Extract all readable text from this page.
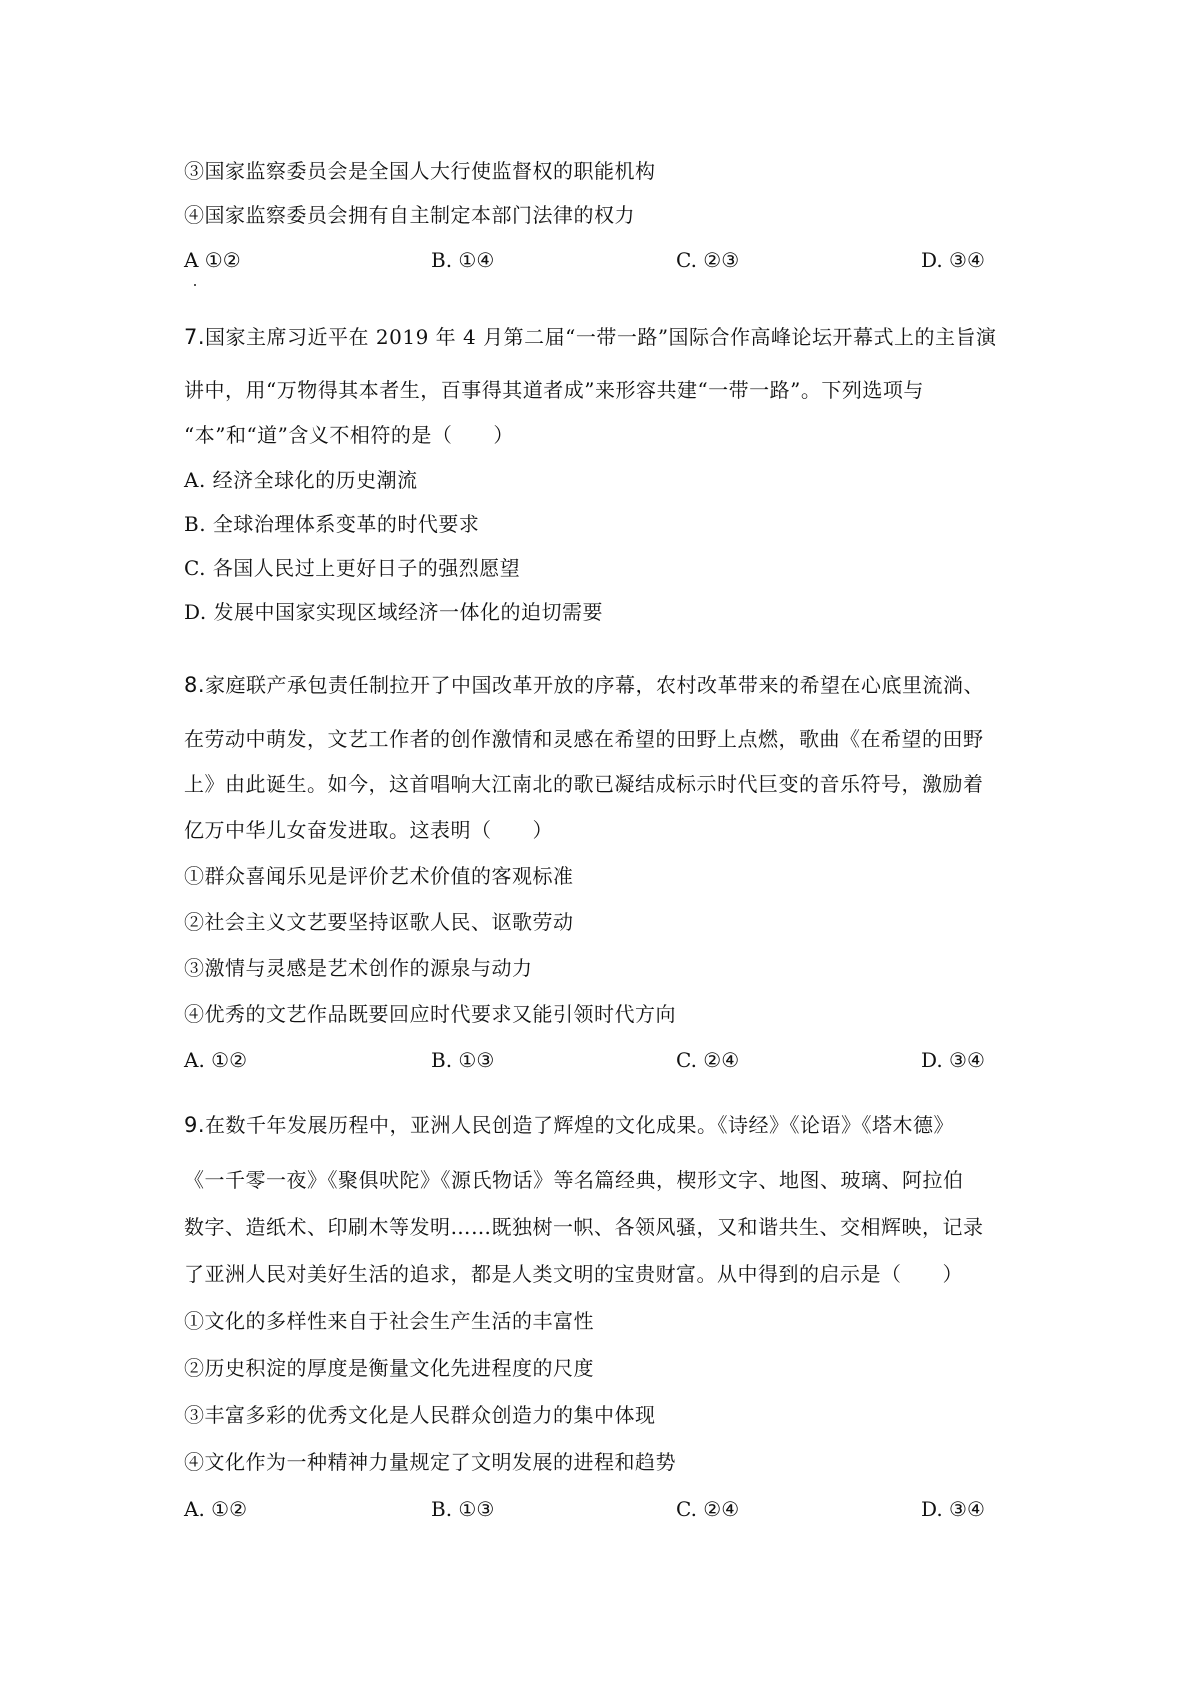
③国家监察委员会是全国人大行使监督权的职能机构
④国家监察委员会拥有自主制定本部门法律的权力
A ①②	B. ①④	C. ②③	D. ③④
7.国家主席习近平在 2019 年 4 月第二届“一带一路”国际合作高峰论坛开幕式上的主旨演
讲中，用“万物得其本者生，百事得其道者成”来形容共建“一带一路”。下列选项与
“本”和“道”含义不相符的是（　　）
A. 经济全球化的历史潮流
B. 全球治理体系变革的时代要求
C. 各国人民过上更好日子的强烈愿望
D. 发展中国家实现区域经济一体化的迫切需要
8.家庭联产承包责任制拉开了中国改革开放的序幕，农村改革带来的希望在心底里流淌、
在劳动中萌发，文艺工作者的创作激情和灵感在希望的田野上点燃，歌曲《在希望的田野
上》由此诞生。如今，这首唱响大江南北的歌已凝结成标示时代巨变的音乐符号，激励着
亿万中华儿女奋发进取。这表明（　　）
①群众喜闻乐见是评价艺术价值的客观标准
②社会主义文艺要坚持讴歌人民、讴歌劳动
③激情与灵感是艺术创作的源泉与动力
④优秀的文艺作品既要回应时代要求又能引领时代方向
A. ①②	B. ①③	C. ②④	D. ③④
9.在数千年发展历程中，亚洲人民创造了辉煌的文化成果。《诗经》《论语》《塔木德》
《一千零一夜》《聚俱吠陀》《源氏物话》等名篇经典，楔形文字、地图、玻璃、阿拉伯
数字、造纸术、印刷木等发明……既独树一帜、各领风骚，又和谐共生、交相辉映，记录
了亚洲人民对美好生活的追求，都是人类文明的宝贵财富。从中得到的启示是（　　）
①文化的多样性来自于社会生产生活的丰富性
②历史积淀的厚度是衡量文化先进程度的尺度
③丰富多彩的优秀文化是人民群众创造力的集中体现
④文化作为一种精神力量规定了文明发展的进程和趋势
A. ①②	B. ①③	C. ②④	D. ③④
